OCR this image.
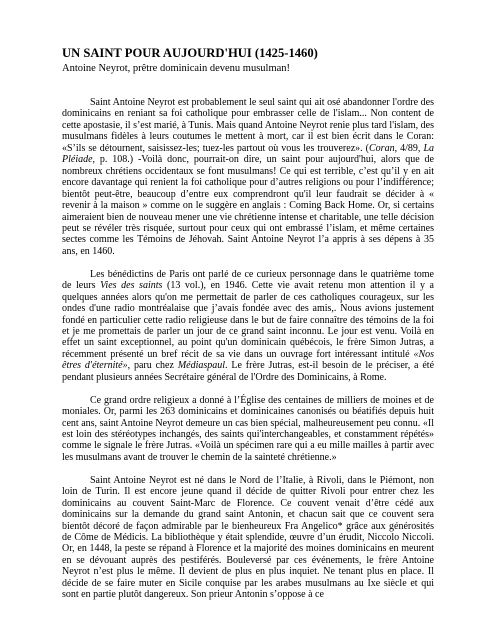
UN SAINT POUR AUJOURD'HUI (1425-1460)
Antoine Neyrot, prêtre dominicain devenu musulman!

Saint Antoine Neyrot est probablement le seul saint qui ait osé abandonner l'ordre des dominicains en reniant sa foi catholique pour embrasser celle de l'islam... Non content de cette apostasie, il s’est marié, à Tunis. Mais quand Antoine Neyrot renie plus tard l'islam, des musulmans fidèles à leurs coutumes le mettent à mort, car il est bien écrit dans le Coran: «S’ils se détournent, saisissez-les; tuez-les partout où vous les trouverez». (Coran, 4/89, La Pléiade, p. 108.) -Voilà donc, pourrait-on dire, un saint pour aujourd'hui, alors que de nombreux chrétiens occidentaux se font musulmans! Ce qui est terrible, c’est qu’il y en ait encore davantage qui renient la foi catholique pour d’autres religions ou pour l’indifférence; bientôt peut-être, beaucoup d’entre eux comprendront qu'il leur faudrait se décider à « revenir à la maison » comme on le suggère en anglais : Coming Back Home. Or, si certains aimeraient bien de nouveau mener une vie chrétienne intense et charitable, une telle décision peut se révéler très risquée, surtout pour ceux qui ont embrassé l’islam, et même certaines sectes comme les Témoins de Jéhovah. Saint Antoine Neyrot l’a appris à ses dépens à 35 ans, en 1460.

Les bénédictins de Paris ont parlé de ce curieux personnage dans le quatrième tome de leurs Vies des saints (13 vol.), en 1946. Cette vie avait retenu mon attention il y a quelques années alors qu'on me permettait de parler de ces catholiques courageux, sur les ondes d'une radio montréalaise que j’avais fondée avec des amis,. Nous avions justement fondé en particulier cette radio religieuse dans le but de faire connaître des témoins de la foi et je me promettais de parler un jour de ce grand saint inconnu. Le jour est venu. Voilà en effet un saint exceptionnel, au point qu'un dominicain québécois, le frère Simon Jutras, a récemment présenté un bref récit de sa vie dans un ouvrage fort intéressant intitulé «Nos êtres d'éternité», paru chez Médiaspaul. Le frère Jutras, est-il besoin de le préciser, a été pendant plusieurs années Secrétaire général de l'Ordre des Dominicains, à Rome.

Ce grand ordre religieux a donné à l’Église des centaines de milliers de moines et de moniales. Or, parmi les 263 dominicains et dominicaines canonisés ou béatifiés depuis huit cent ans, saint Antoine Neyrot demeure un cas bien spécial, malheureusement peu connu. «Il est loin des stéréotypes inchangés, des saints qui'interchangeables, et constamment répétés» comme le signale le frère Jutras. «Voilà un spécimen rare qui a eu mille mailles à partir avec les musulmans avant de trouver le chemin de la sainteté chrétienne.»

Saint Antoine Neyrot est né dans le Nord de l’Italie, à Rivoli, dans le Piémont, non loin de Turin. Il est encore jeune quand il décide de quitter Rivoli pour entrer chez les dominicains au couvent Saint-Marc de Florence. Ce couvent venait d’être cédé aux dominicains sur la demande du grand saint Antonin, et chacun sait que ce couvent sera bientôt décoré de façon admirable par le bienheureux Fra Angelico* grâce aux générosités de Côme de Médicis. La bibliothèque y était splendide, œuvre d’un érudit, Niccolo Niccoli. Or, en 1448, la peste se répand à Florence et la majorité des moines dominicains en meurent en se dévouant auprès des pestiférés. Bouleversé par ces événements, le frère Antoine Neyrot n’est plus le même. Il devient de plus en plus inquiet. Ne tenant plus en place. Il décide de se faire muter en Sicile conquise par les arabes musulmans au Ixe siècle et qui sont en partie plutôt dangereux. Son prieur Antonin s’oppose à ce
